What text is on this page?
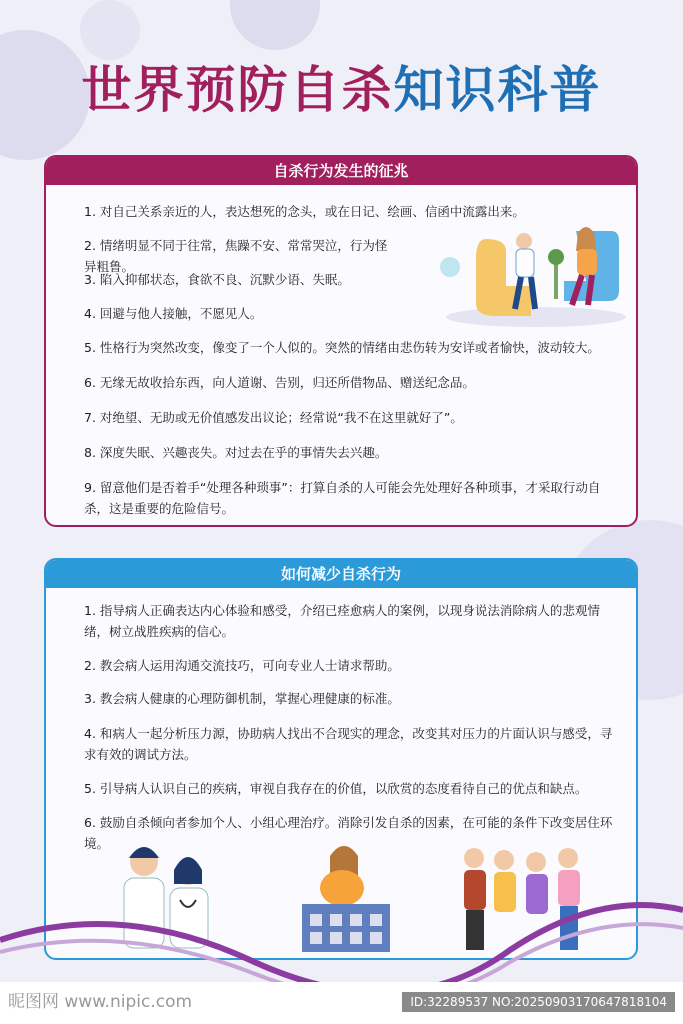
世界预防自杀知识科普
自杀行为发生的征兆
1. 对自己关系亲近的人，表达想死的念头，或在日记、绘画、信函中流露出来。
2. 情绪明显不同于往常，焦躁不安、常常哭泣，行为怪异粗鲁。
3. 陷入抑郁状态，食欲不良、沉默少语、失眠。
4. 回避与他人接触，不愿见人。
5. 性格行为突然改变，像变了一个人似的。突然的情绪由悲伤转为安详或者愉快，波动较大。
6. 无缘无故收拾东西，向人道谢、告别，归还所借物品、赠送纪念品。
7. 对绝望、无助或无价值感发出议论；经常说“我不在这里就好了”。
8. 深度失眠、兴趣丧失。对过去在乎的事情失去兴趣。
9. 留意他们是否着手“处理各种琐事”：打算自杀的人可能会先处理好各种琐事，才采取行动自杀，这是重要的危险信号。
如何减少自杀行为
1. 指导病人正确表达内心体验和感受，介绍已痊愈病人的案例，以现身说法消除病人的悲观情绪，树立战胜疾病的信心。
2. 教会病人运用沟通交流技巧，可向专业人士请求帮助。
3. 教会病人健康的心理防御机制，掌握心理健康的标准。
4. 和病人一起分析压力源，协助病人找出不合现实的理念，改变其对压力的片面认识与感受，寻求有效的调试方法。
5. 引导病人认识自己的疾病，审视自我存在的价值，以欣赏的态度看待自己的优点和缺点。
6. 鼓励自杀倾向者参加个人、小组心理治疗。消除引发自杀的因素，在可能的条件下改变居住环境。
昵图网 www.nipic.com	ID:32289537 NO:20250903170647818104
